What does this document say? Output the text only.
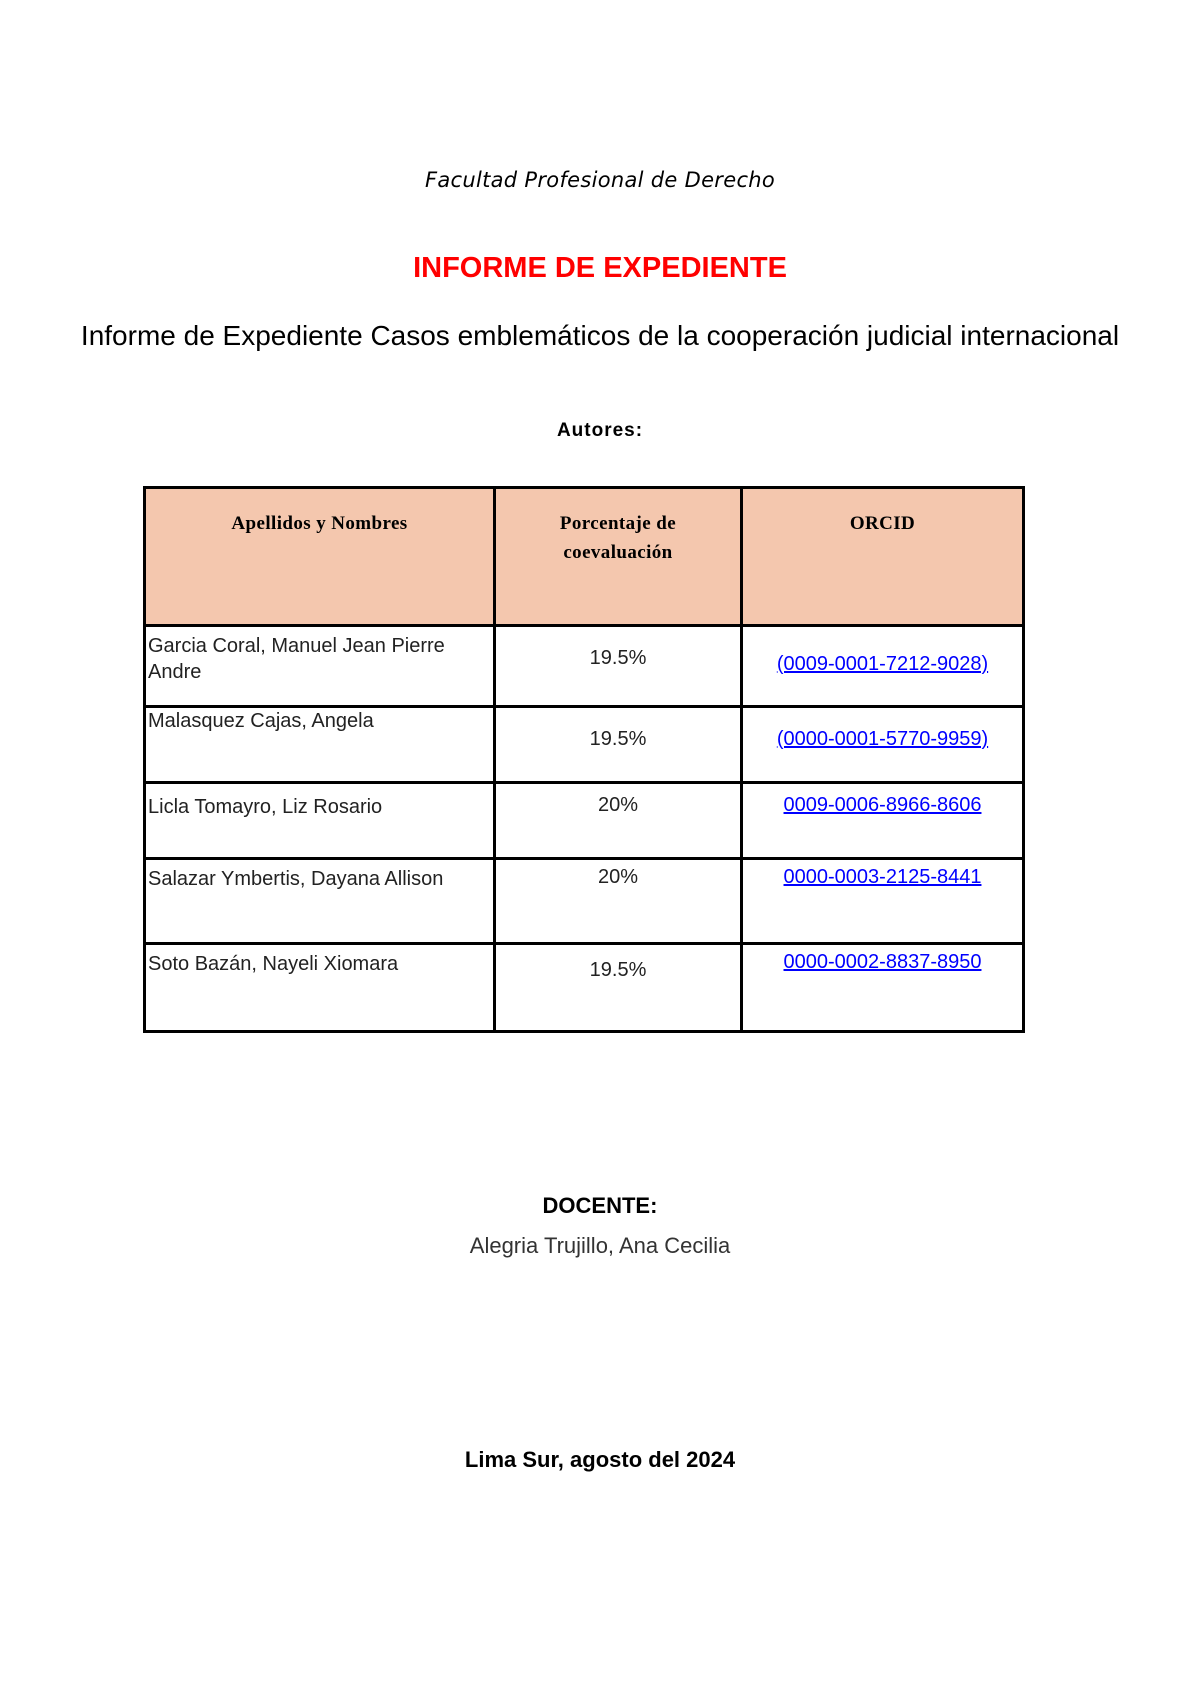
Facultad Profesional de Derecho
INFORME DE EXPEDIENTE
Informe de Expediente Casos emblemáticos de la cooperación judicial internacional
Autores:
Apellidos y Nombres	Porcentaje de coevaluación	ORCID
Garcia Coral, Manuel Jean Pierre Andre	19.5%	(0009-0001-7212-9028)
Malasquez Cajas, Angela	19.5%	(0000-0001-5770-9959)
Licla Tomayro, Liz Rosario	20%	0009-0006-8966-8606
Salazar Ymbertis, Dayana Allison	20%	0000-0003-2125-8441
Soto Bazán, Nayeli Xiomara	19.5%	0000-0002-8837-8950
DOCENTE:
Alegria Trujillo, Ana Cecilia
Lima Sur, agosto del 2024
